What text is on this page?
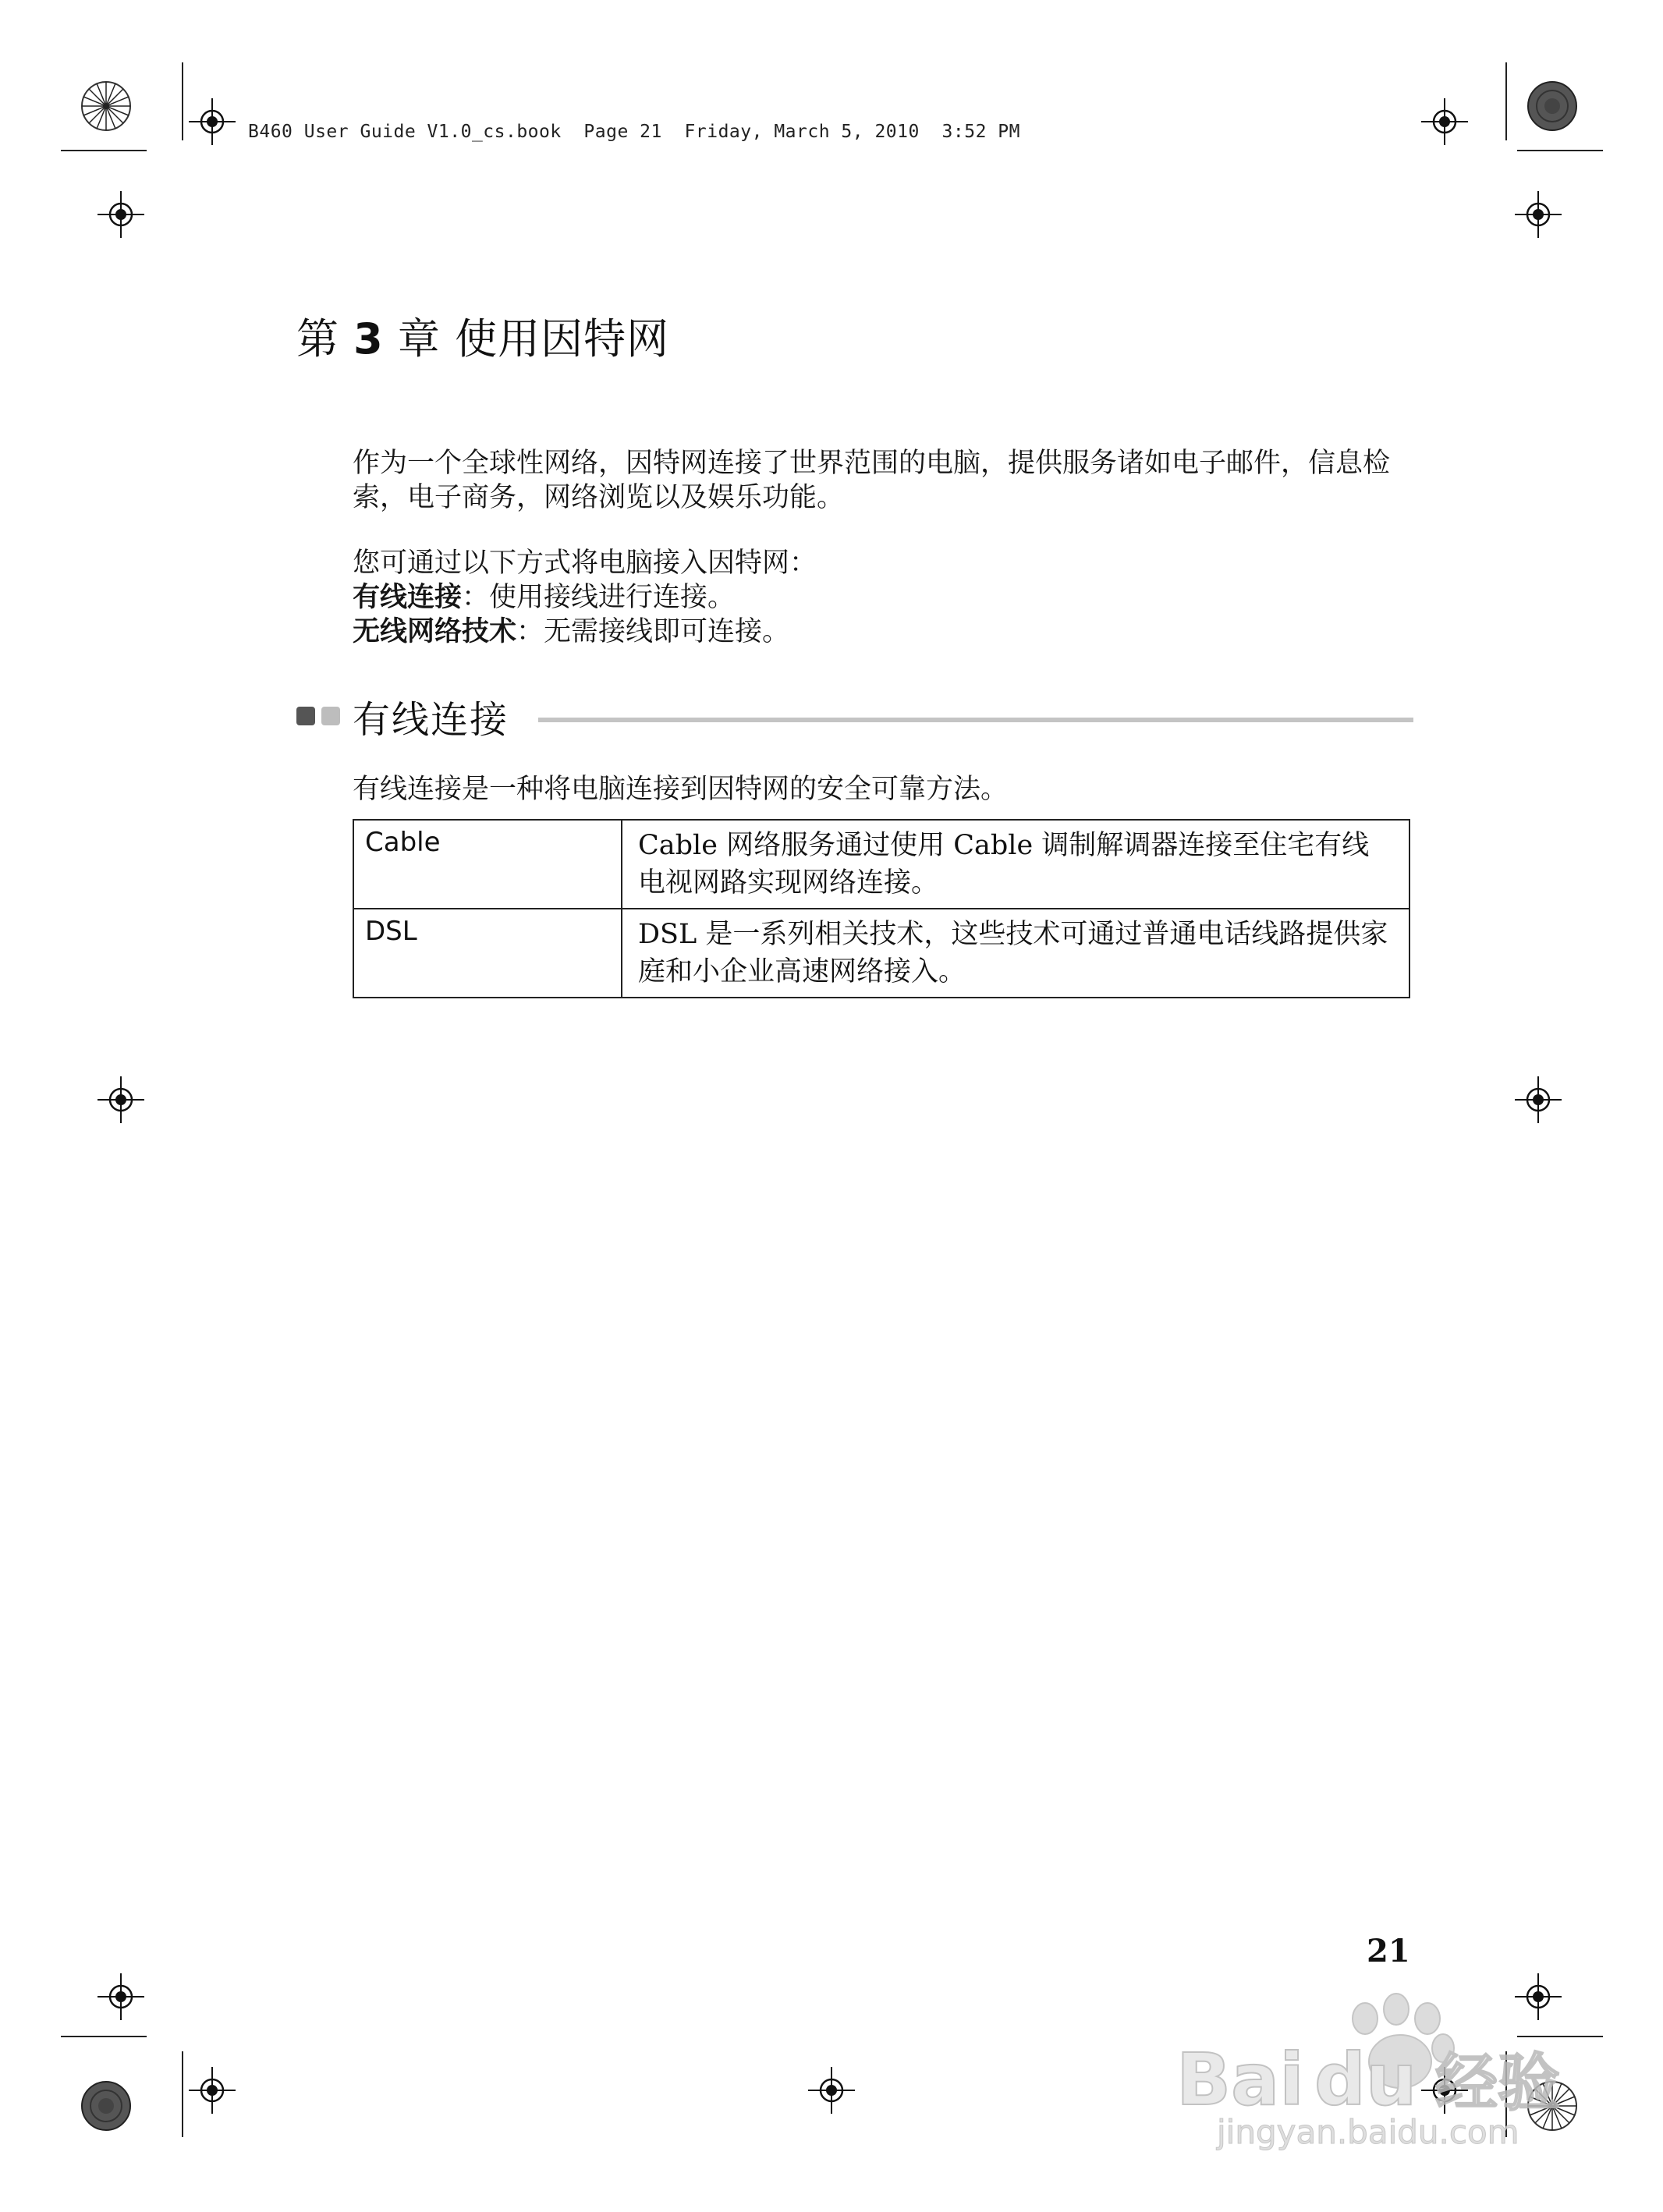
B460 User Guide V1.0_cs.book  Page 21  Friday, March 5, 2010  3:52 PM
第 3 章 使用因特网
作为一个全球性网络，因特网连接了世界范围的电脑，提供服务诸如电子邮件，信息检索，电子商务，网络浏览以及娱乐功能。
您可通过以下方式将电脑接入因特网：
有线连接：使用接线进行连接。
无线网络技术：无需接线即可连接。
有线连接
有线连接是一种将电脑连接到因特网的安全可靠方法。
Cable	Cable 网络服务通过使用 Cable 调制解调器连接至住宅有线电视网路实现网络连接。
DSL	DSL 是一系列相关技术，这些技术可通过普通电话线路提供家庭和小企业高速网络接入。
21
Bai du 经验
jingyan.baidu.com
